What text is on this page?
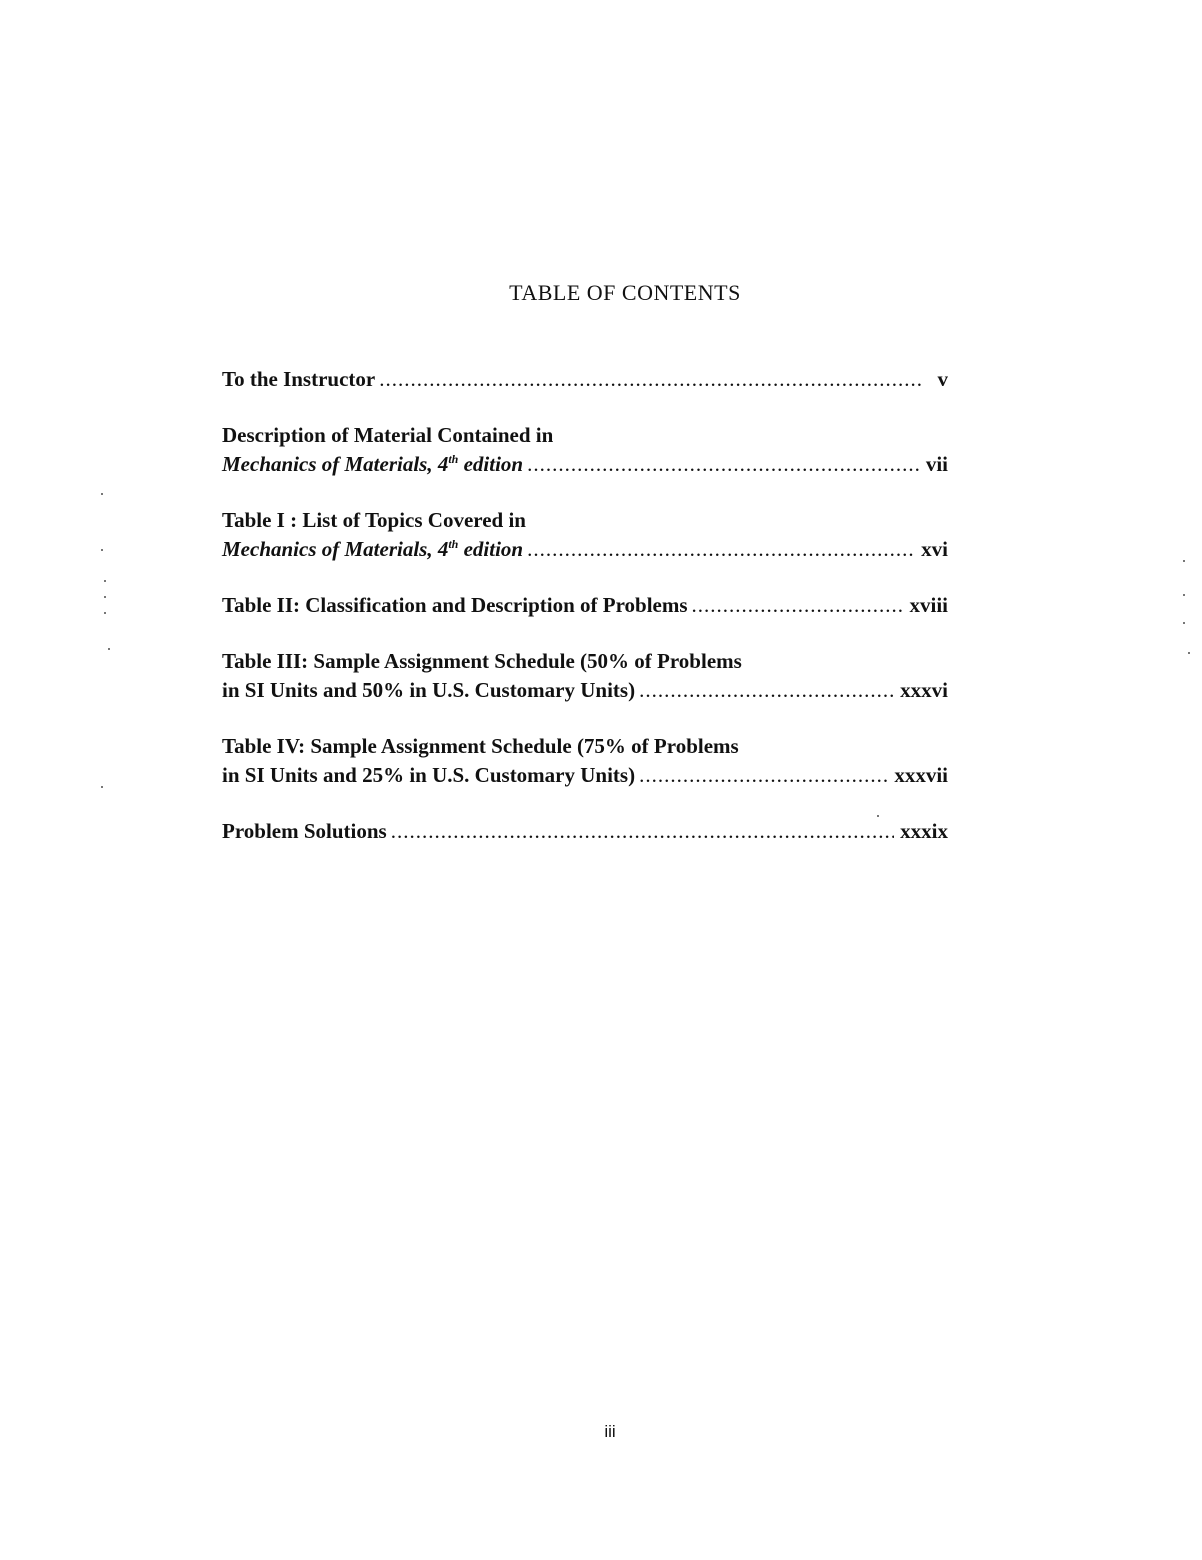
TABLE OF CONTENTS
To the Instructor .....	v
Description of Material Contained in
Mechanics of Materials, 4th edition .....	vii
Table I : List of Topics Covered in
Mechanics of Materials, 4th edition .....	xvi
Table II: Classification and Description of Problems .....	xviii
Table III: Sample Assignment Schedule (50% of Problems
in SI Units and 50% in U.S. Customary Units) .....	xxxvi
Table IV: Sample Assignment Schedule (75% of Problems
in SI Units and 25% in U.S. Customary Units) .....	xxxvii
Problem Solutions .....	xxxix
iii
